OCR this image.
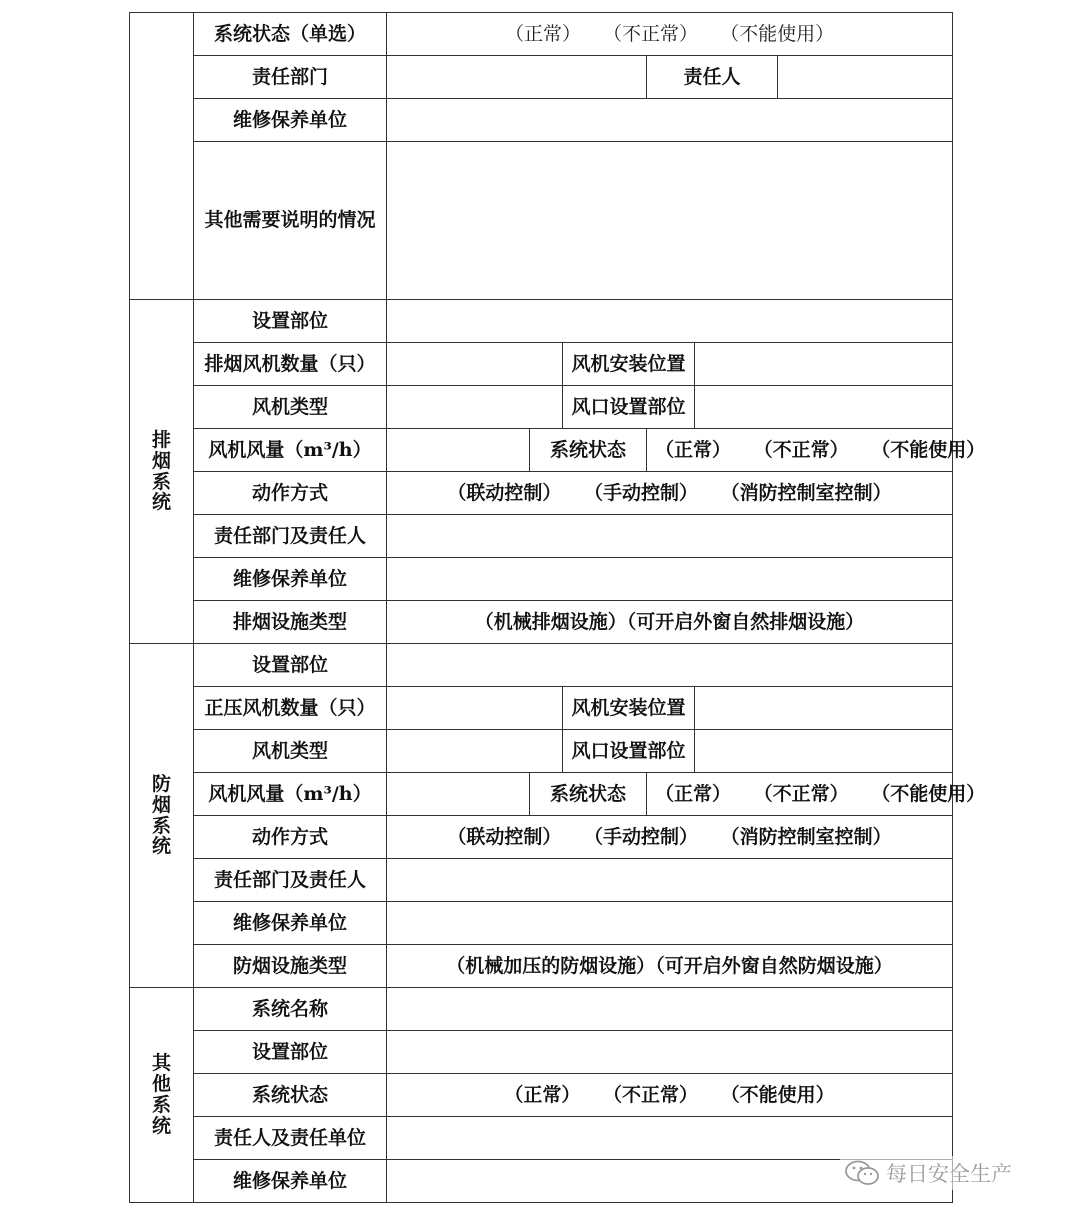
	系统状态（单选）	（正常） （不正常） （不能使用）					
	责任部门				责任人		
	维修保养单位						
	其他需要说明的情况						
排烟系统	设置部位						
	排烟风机数量（只）			风机安装位置			
	风机类型			风口设置部位			
	风机风量（m³/h）		系统状态		（正常） （不正常） （不能使用）		
	动作方式	（联动控制） （手动控制） （消防控制室控制）					
	责任部门及责任人						
	维修保养单位						
	排烟设施类型	（机械排烟设施）（可开启外窗自然排烟设施）					
防烟系统	设置部位						
	正压风机数量（只）			风机安装位置			
	风机类型			风口设置部位			
	风机风量（m³/h）		系统状态		（正常） （不正常） （不能使用）		
	动作方式	（联动控制） （手动控制） （消防控制室控制）					
	责任部门及责任人						
	维修保养单位						
	防烟设施类型	（机械加压的防烟设施）（可开启外窗自然防烟设施）					
其他系统	系统名称						
	设置部位						
	系统状态	（正常） （不正常） （不能使用）					
	责任人及责任单位						
	维修保养单位							每日安全生产
